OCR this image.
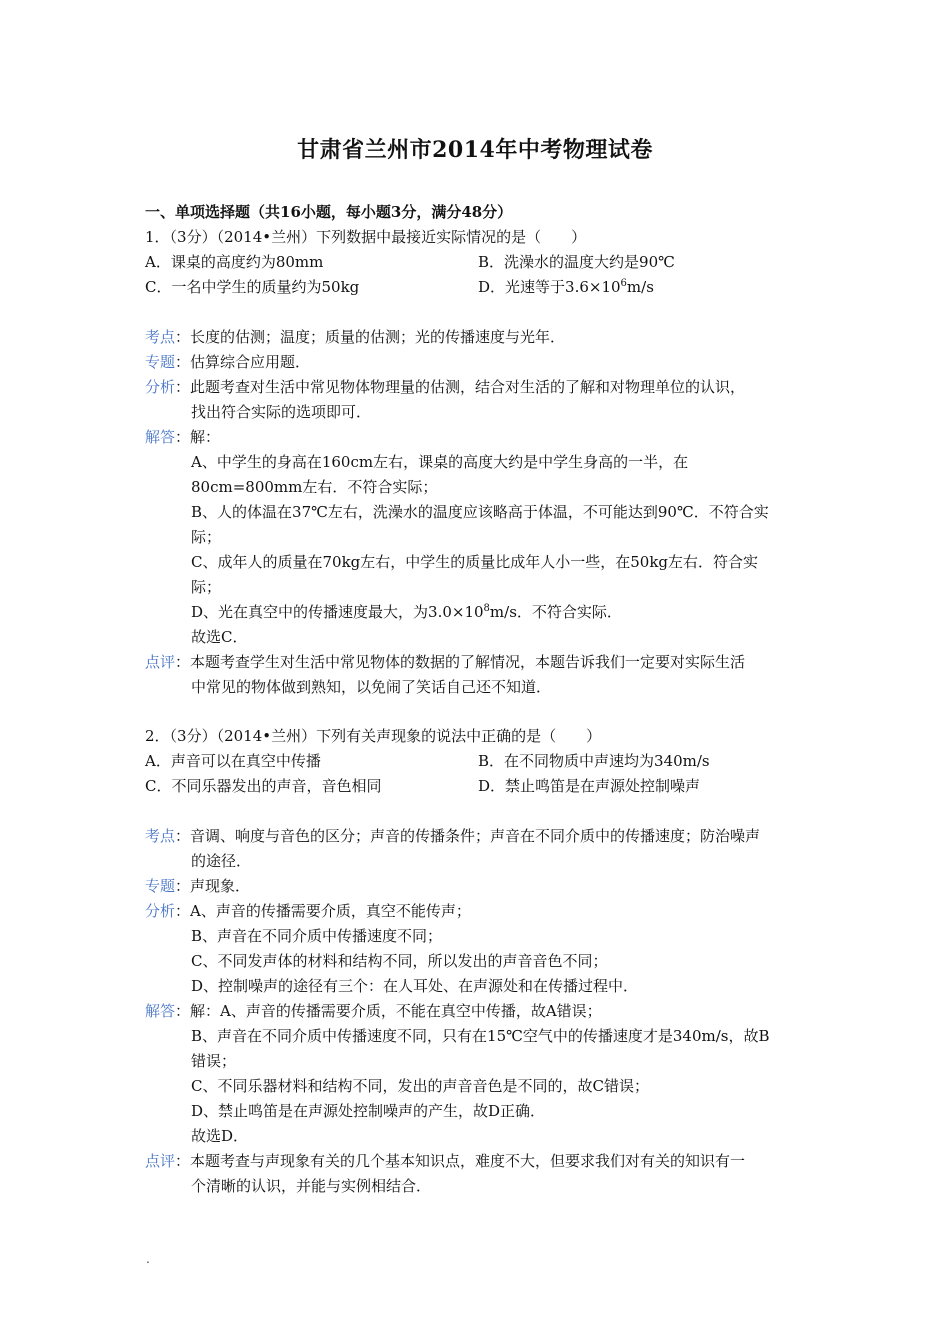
甘肃省兰州市2014年中考物理试卷
一、单项选择题（共16小题，每小题3分，满分48分）
1．（3分）（2014•兰州）下列数据中最接近实际情况的是（　　）
A．课桌的高度约为80mm	B．洗澡水的温度大约是90℃
C．一名中学生的质量约为50kg	D．光速等于$3.6\times 10^6m/s$
考点：长度的估测；温度；质量的估测；光的传播速度与光年．
专题：估算综合应用题．
分析：此题考查对生活中常见物体物理量的估测，结合对生活的了解和对物理单位的认识，
找出符合实际的选项即可．
解答：解：
A、中学生的身高在160cm左右，课桌的高度大约是中学生身高的一半，在
80cm=800mm左右．不符合实际；
B、人的体温在37℃左右，洗澡水的温度应该略高于体温，不可能达到90℃．不符合实
际；
C、成年人的质量在70kg左右，中学生的质量比成年人小一些，在50kg左右．符合实
际；
D、光在真空中的传播速度最大，为$3.0\times 10^8m/s$．不符合实际．
故选C．
点评：本题考查学生对生活中常见物体的数据的了解情况，本题告诉我们一定要对实际生活
中常见的物体做到熟知，以免闹了笑话自己还不知道．
2．（3分）（2014•兰州）下列有关声现象的说法中正确的是（　　）
A．声音可以在真空中传播	B．在不同物质中声速均为340m/s
C．不同乐器发出的声音，音色相同	D．禁止鸣笛是在声源处控制噪声
考点：音调、响度与音色的区分；声音的传播条件；声音在不同介质中的传播速度；防治噪声
的途径．
专题：声现象．
分析：A、声音的传播需要介质，真空不能传声；
B、声音在不同介质中传播速度不同；
C、不同发声体的材料和结构不同，所以发出的声音音色不同；
D、控制噪声的途径有三个：在人耳处、在声源处和在传播过程中．
解答：解：A、声音的传播需要介质，不能在真空中传播，故A错误；
B、声音在不同介质中传播速度不同，只有在15℃空气中的传播速度才是340m/s，故B
错误；
C、不同乐器材料和结构不同，发出的声音音色是不同的，故C错误；
D、禁止鸣笛是在声源处控制噪声的产生，故D正确．
故选D．
点评：本题考查与声现象有关的几个基本知识点，难度不大，但要求我们对有关的知识有一
个清晰的认识，并能与实例相结合．
.
